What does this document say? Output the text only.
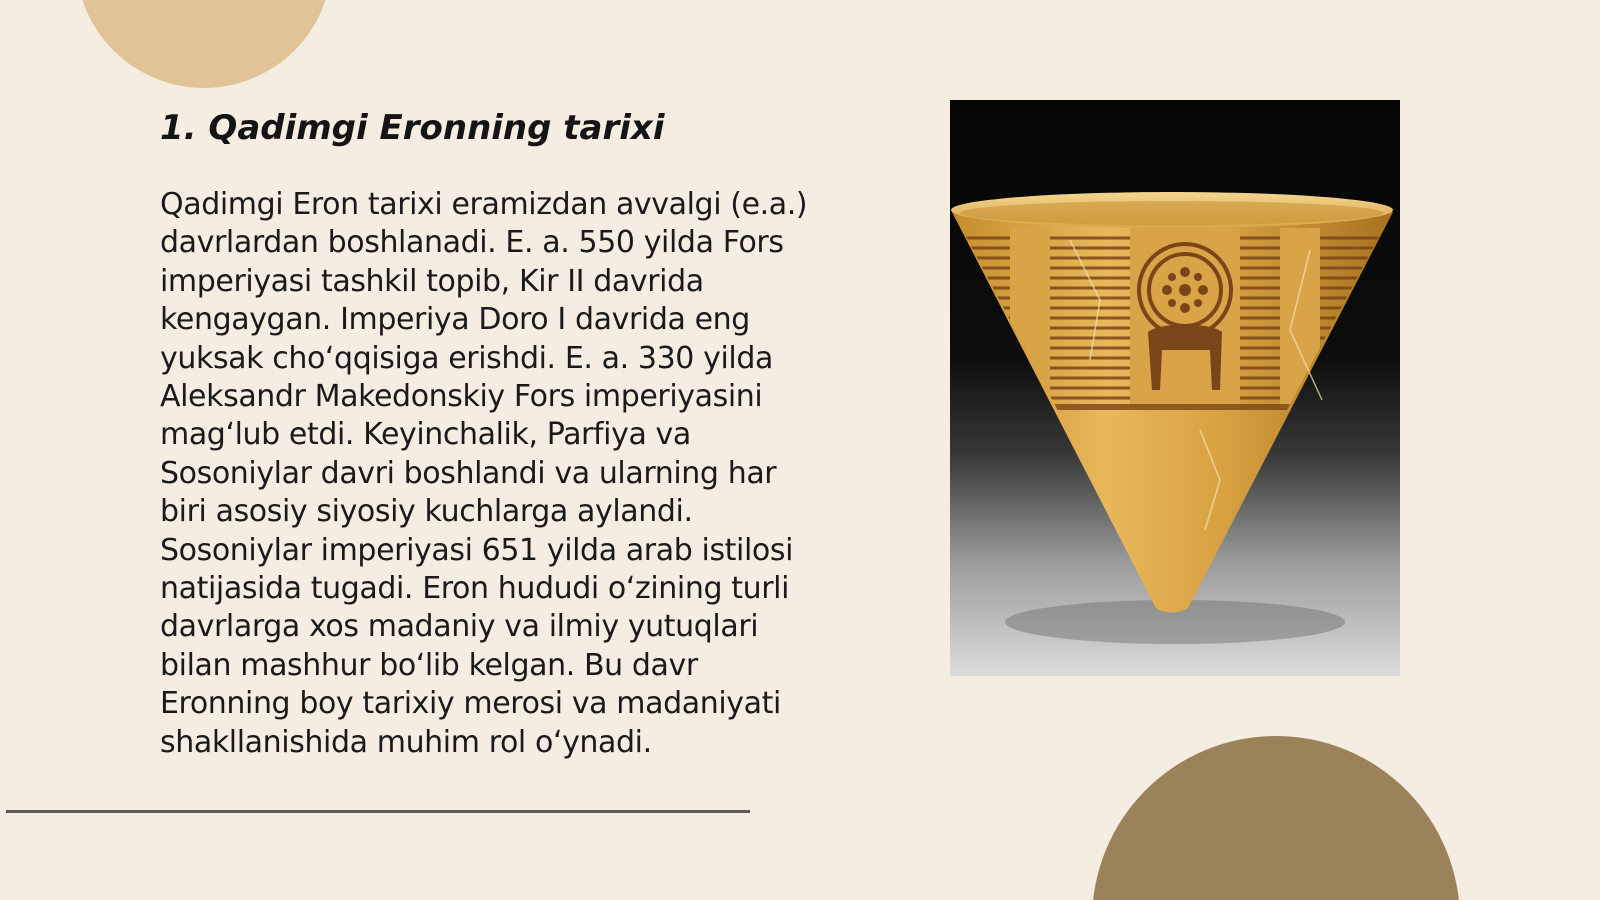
1. Qadimgi Eronning tarixi
Qadimgi Eron tarixi eramizdan avvalgi (e.a.)
davrlardan boshlanadi. E. a. 550 yilda Fors
imperiyasi tashkil topib, Kir II davrida
kengaygan. Imperiya Doro I davrida eng
yuksak cho‘qqisiga erishdi. E. a. 330 yilda
Aleksandr Makedonskiy Fors imperiyasini
mag‘lub etdi. Keyinchalik, Parfiya va
Sosoniylar davri boshlandi va ularning har
biri asosiy siyosiy kuchlarga aylandi.
Sosoniylar imperiyasi 651 yilda arab istilosi
natijasida tugadi. Eron hududi o‘zining turli
davrlarga xos madaniy va ilmiy yutuqlari
bilan mashhur bo‘lib kelgan. Bu davr
Eronning boy tarixiy merosi va madaniyati
shakllanishida muhim rol o‘ynadi.
